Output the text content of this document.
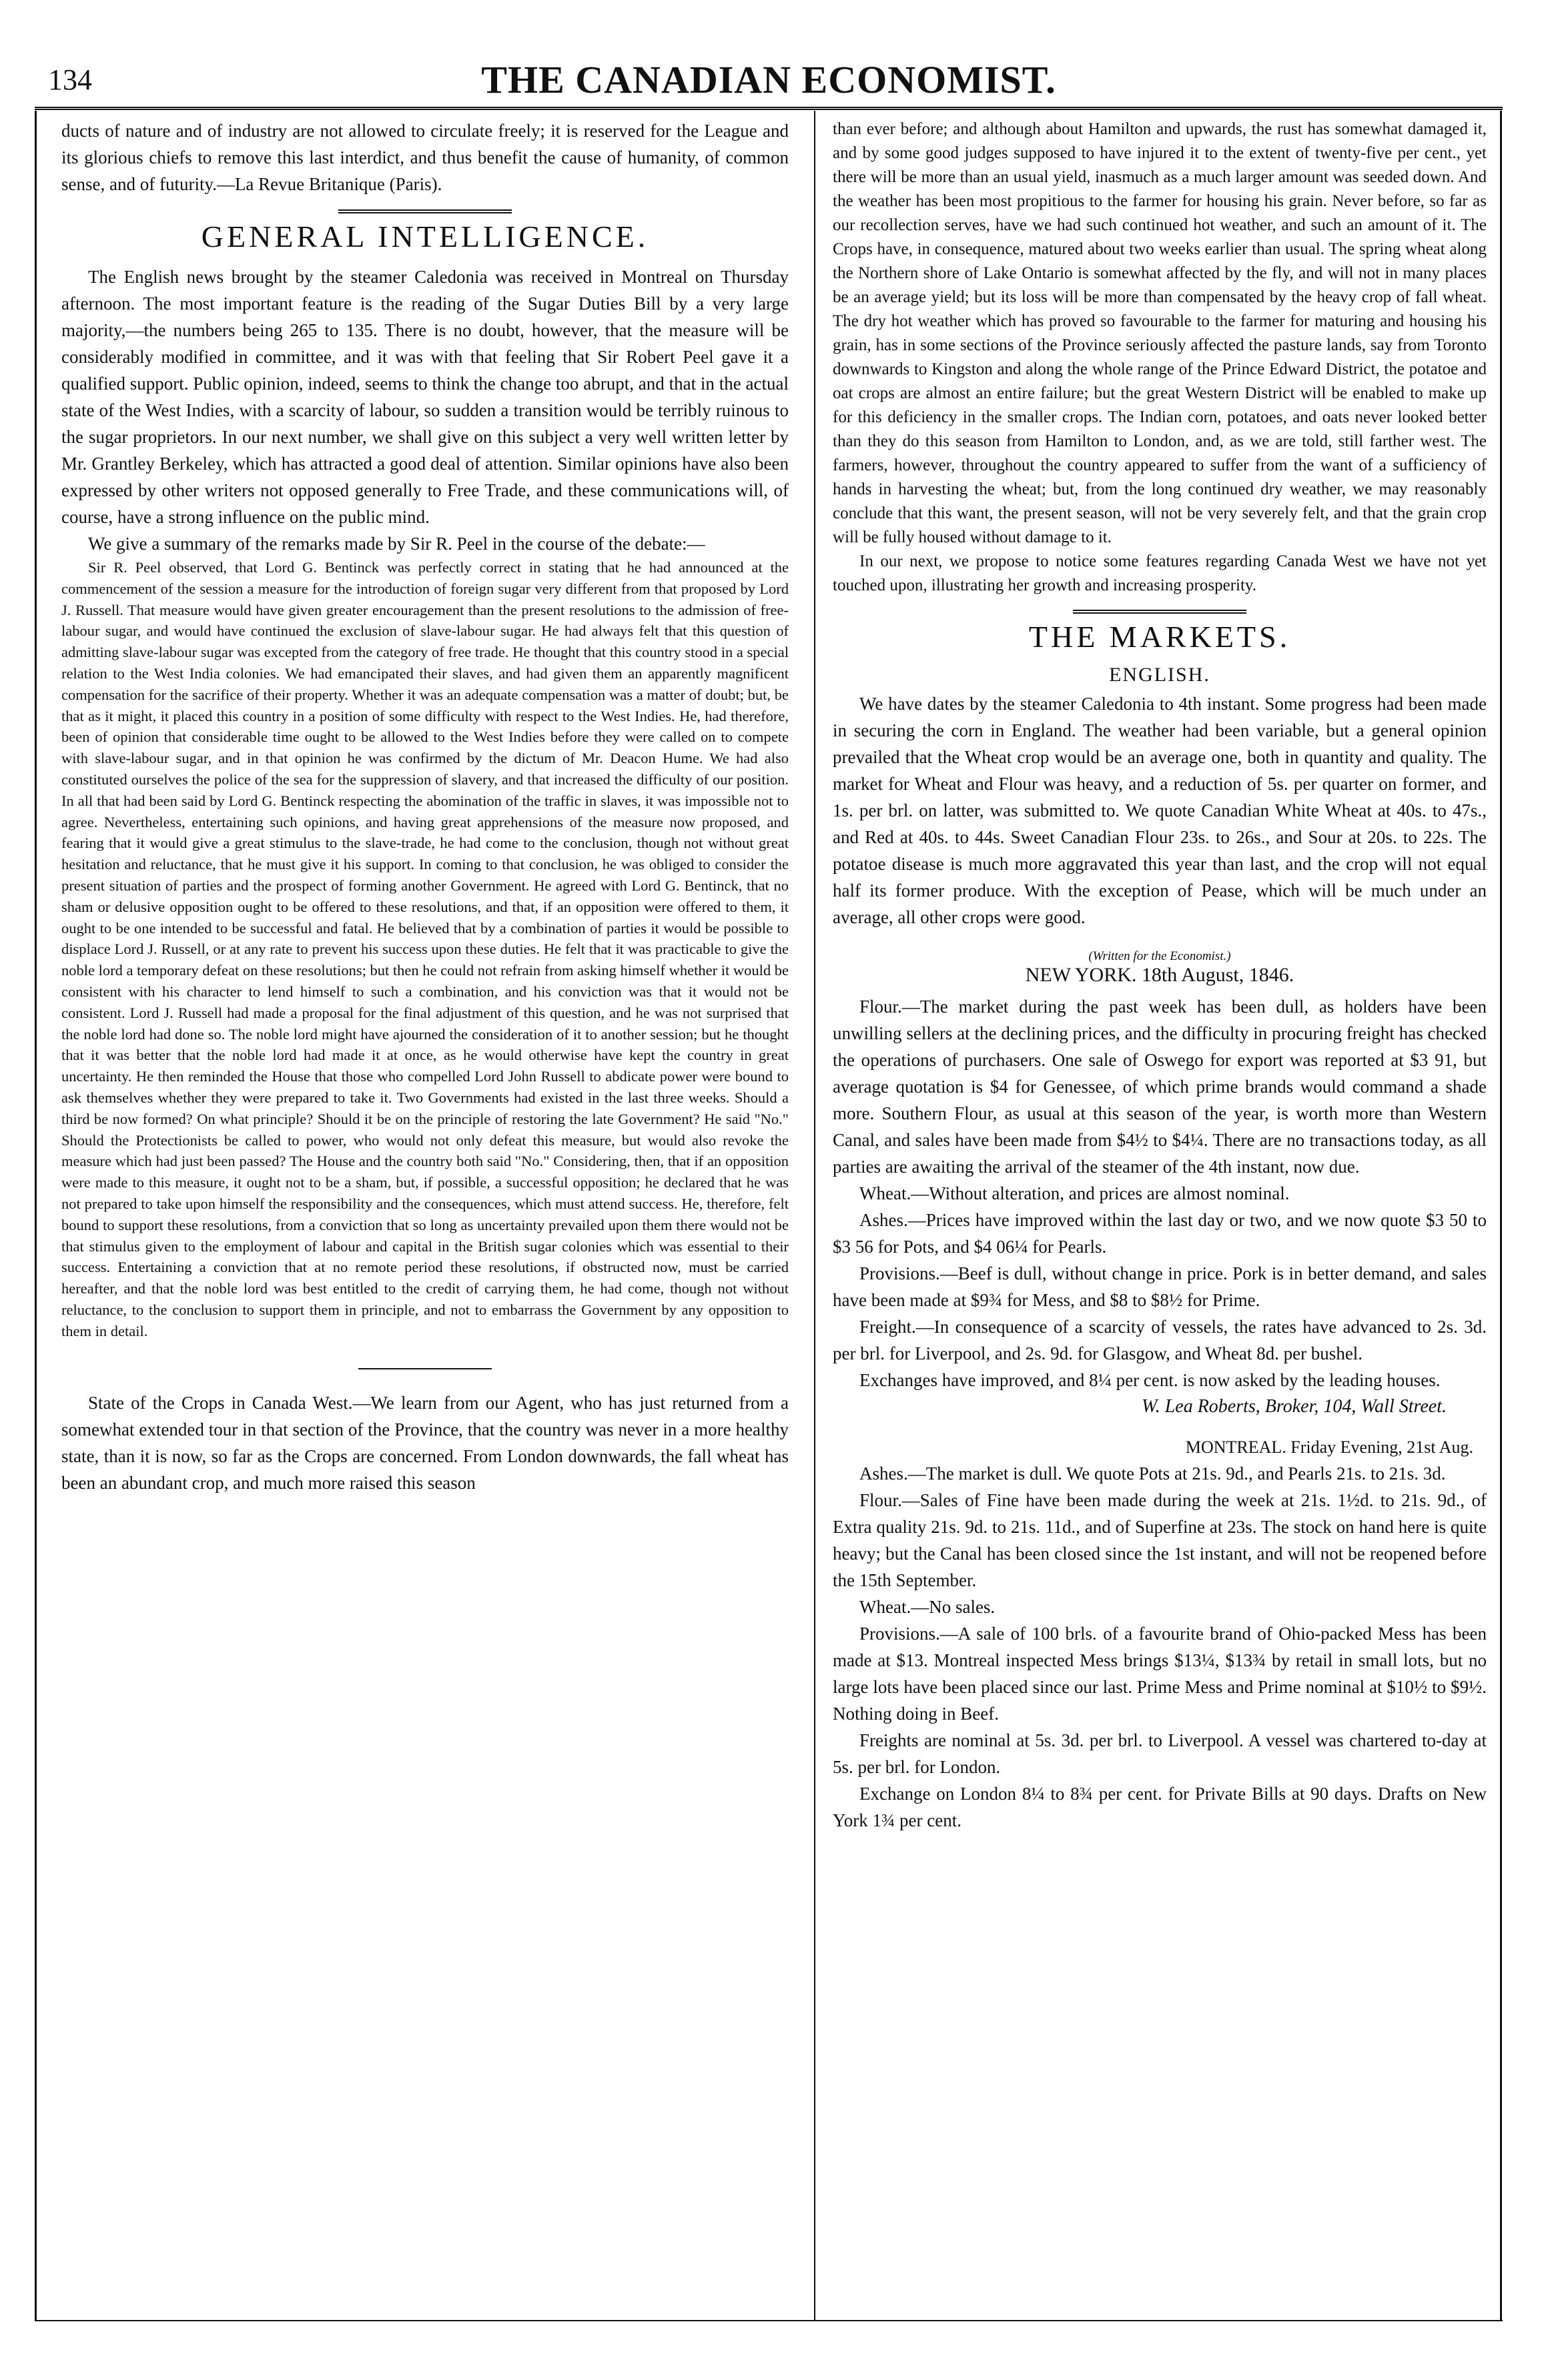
134	THE CANADIAN ECONOMIST.

ducts of nature and of industry are not allowed to circulate freely; it is reserved for the League and its glorious chiefs to remove this last interdict, and thus benefit the cause of humanity, of common sense, and of futurity.—La Revue Britanique (Paris).

GENERAL INTELLIGENCE.

The English news brought by the steamer Caledonia was received in Montreal on Thursday afternoon. The most important feature is the reading of the Sugar Duties Bill by a very large majority,—the numbers being 265 to 135. There is no doubt, however, that the measure will be considerably modified in committee, and it was with that feeling that Sir Robert Peel gave it a qualified support. Public opinion, indeed, seems to think the change too abrupt, and that in the actual state of the West Indies, with a scarcity of labour, so sudden a transition would be terribly ruinous to the sugar proprietors. In our next number, we shall give on this subject a very well written letter by Mr. Grantley Berkeley, which has attracted a good deal of attention. Similar opinions have also been expressed by other writers not opposed generally to Free Trade, and these communications will, of course, have a strong influence on the public mind.

We give a summary of the remarks made by Sir R. Peel in the course of the debate:—

Sir R. Peel observed, that Lord G. Bentinck was perfectly correct in stating that he had announced at the commencement of the session a measure for the introduction of foreign sugar very different from that proposed by Lord J. Russell. That measure would have given greater encouragement than the present resolutions to the admission of free-labour sugar, and would have continued the exclusion of slave-labour sugar. He had always felt that this question of admitting slave-labour sugar was excepted from the category of free trade. He thought that this country stood in a special relation to the West India colonies. We had emancipated their slaves, and had given them an apparently magnificent compensation for the sacrifice of their property. Whether it was an adequate compensation was a matter of doubt; but, be that as it might, it placed this country in a position of some difficulty with respect to the West Indies. He, had therefore, been of opinion that considerable time ought to be allowed to the West Indies before they were called on to compete with slave-labour sugar, and in that opinion he was confirmed by the dictum of Mr. Deacon Hume. We had also constituted ourselves the police of the sea for the suppression of slavery, and that increased the difficulty of our position. In all that had been said by Lord G. Bentinck respecting the abomination of the traffic in slaves, it was impossible not to agree. Nevertheless, entertaining such opinions, and having great apprehensions of the measure now proposed, and fearing that it would give a great stimulus to the slave-trade, he had come to the conclusion, though not without great hesitation and reluctance, that he must give it his support. In coming to that conclusion, he was obliged to consider the present situation of parties and the prospect of forming another Government. He agreed with Lord G. Bentinck, that no sham or delusive opposition ought to be offered to these resolutions, and that, if an opposition were offered to them, it ought to be one intended to be successful and fatal. He believed that by a combination of parties it would be possible to displace Lord J. Russell, or at any rate to prevent his success upon these duties. He felt that it was practicable to give the noble lord a temporary defeat on these resolutions; but then he could not refrain from asking himself whether it would be consistent with his character to lend himself to such a combination, and his conviction was that it would not be consistent. Lord J. Russell had made a proposal for the final adjustment of this question, and he was not surprised that the noble lord had done so. The noble lord might have ajourned the consideration of it to another session; but he thought that it was better that the noble lord had made it at once, as he would otherwise have kept the country in great uncertainty. He then reminded the House that those who compelled Lord John Russell to abdicate power were bound to ask themselves whether they were prepared to take it. Two Governments had existed in the last three weeks. Should a third be now formed? On what principle? Should it be on the principle of restoring the late Government? He said "No." Should the Protectionists be called to power, who would not only defeat this measure, but would also revoke the measure which had just been passed? The House and the country both said "No." Considering, then, that if an opposition were made to this measure, it ought not to be a sham, but, if possible, a successful opposition; he declared that he was not prepared to take upon himself the responsibility and the consequences, which must attend success. He, therefore, felt bound to support these resolutions, from a conviction that so long as uncertainty prevailed upon them there would not be that stimulus given to the employment of labour and capital in the British sugar colonies which was essential to their success. Entertaining a conviction that at no remote period these resolutions, if obstructed now, must be carried hereafter, and that the noble lord was best entitled to the credit of carrying them, he had come, though not without reluctance, to the conclusion to support them in principle, and not to embarrass the Government by any opposition to them in detail.

State of the Crops in Canada West.—We learn from our Agent, who has just returned from a somewhat extended tour in that section of the Province, that the country was never in a more healthy state, than it is now, so far as the Crops are concerned. From London downwards, the fall wheat has been an abundant crop, and much more raised this season

than ever before; and although about Hamilton and upwards, the rust has somewhat damaged it, and by some good judges supposed to have injured it to the extent of twenty-five per cent., yet there will be more than an usual yield, inasmuch as a much larger amount was seeded down. And the weather has been most propitious to the farmer for housing his grain. Never before, so far as our recollection serves, have we had such continued hot weather, and such an amount of it. The Crops have, in consequence, matured about two weeks earlier than usual. The spring wheat along the Northern shore of Lake Ontario is somewhat affected by the fly, and will not in many places be an average yield; but its loss will be more than compensated by the heavy crop of fall wheat. The dry hot weather which has proved so favourable to the farmer for maturing and housing his grain, has in some sections of the Province seriously affected the pasture lands, say from Toronto downwards to Kingston and along the whole range of the Prince Edward District, the potatoe and oat crops are almost an entire failure; but the great Western District will be enabled to make up for this deficiency in the smaller crops. The Indian corn, potatoes, and oats never looked better than they do this season from Hamilton to London, and, as we are told, still farther west. The farmers, however, throughout the country appeared to suffer from the want of a sufficiency of hands in harvesting the wheat; but, from the long continued dry weather, we may reasonably conclude that this want, the present season, will not be very severely felt, and that the grain crop will be fully housed without damage to it.

In our next, we propose to notice some features regarding Canada West we have not yet touched upon, illustrating her growth and increasing prosperity.

THE MARKETS.
ENGLISH.

We have dates by the steamer Caledonia to 4th instant. Some progress had been made in securing the corn in England. The weather had been variable, but a general opinion prevailed that the Wheat crop would be an average one, both in quantity and quality. The market for Wheat and Flour was heavy, and a reduction of 5s. per quarter on former, and 1s. per brl. on latter, was submitted to. We quote Canadian White Wheat at 40s. to 47s., and Red at 40s. to 44s. Sweet Canadian Flour 23s. to 26s., and Sour at 20s. to 22s. The potatoe disease is much more aggravated this year than last, and the crop will not equal half its former produce. With the exception of Pease, which will be much under an average, all other crops were good.

(Written for the Economist.)
NEW YORK. 18th August, 1846.

Flour.—The market during the past week has been dull, as holders have been unwilling sellers at the declining prices, and the difficulty in procuring freight has checked the operations of purchasers. One sale of Oswego for export was reported at $3 91, but average quotation is $4 for Genessee, of which prime brands would command a shade more. Southern Flour, as usual at this season of the year, is worth more than Western Canal, and sales have been made from $4½ to $4¼. There are no transactions today, as all parties are awaiting the arrival of the steamer of the 4th instant, now due.

Wheat.—Without alteration, and prices are almost nominal.

Ashes.—Prices have improved within the last day or two, and we now quote $3 50 to $3 56 for Pots, and $4 06¼ for Pearls.

Provisions.—Beef is dull, without change in price. Pork is in better demand, and sales have been made at $9¾ for Mess, and $8 to $8½ for Prime.

Freight.—In consequence of a scarcity of vessels, the rates have advanced to 2s. 3d. per brl. for Liverpool, and 2s. 9d. for Glasgow, and Wheat 8d. per bushel.

Exchanges have improved, and 8¼ per cent. is now asked by the leading houses.

W. Lea Roberts, Broker, 104, Wall Street.
MONTREAL. Friday Evening, 21st Aug.

Ashes.—The market is dull. We quote Pots at 21s. 9d., and Pearls 21s. to 21s. 3d.

Flour.—Sales of Fine have been made during the week at 21s. 1½d. to 21s. 9d., of Extra quality 21s. 9d. to 21s. 11d., and of Superfine at 23s. The stock on hand here is quite heavy; but the Canal has been closed since the 1st instant, and will not be reopened before the 15th September.

Wheat.—No sales.

Provisions.—A sale of 100 brls. of a favourite brand of Ohio-packed Mess has been made at $13. Montreal inspected Mess brings $13¼, $13¾ by retail in small lots, but no large lots have been placed since our last. Prime Mess and Prime nominal at $10½ to $9½. Nothing doing in Beef.

Freights are nominal at 5s. 3d. per brl. to Liverpool. A vessel was chartered to-day at 5s. per brl. for London.

Exchange on London 8¼ to 8¾ per cent. for Private Bills at 90 days. Drafts on New York 1¾ per cent.
